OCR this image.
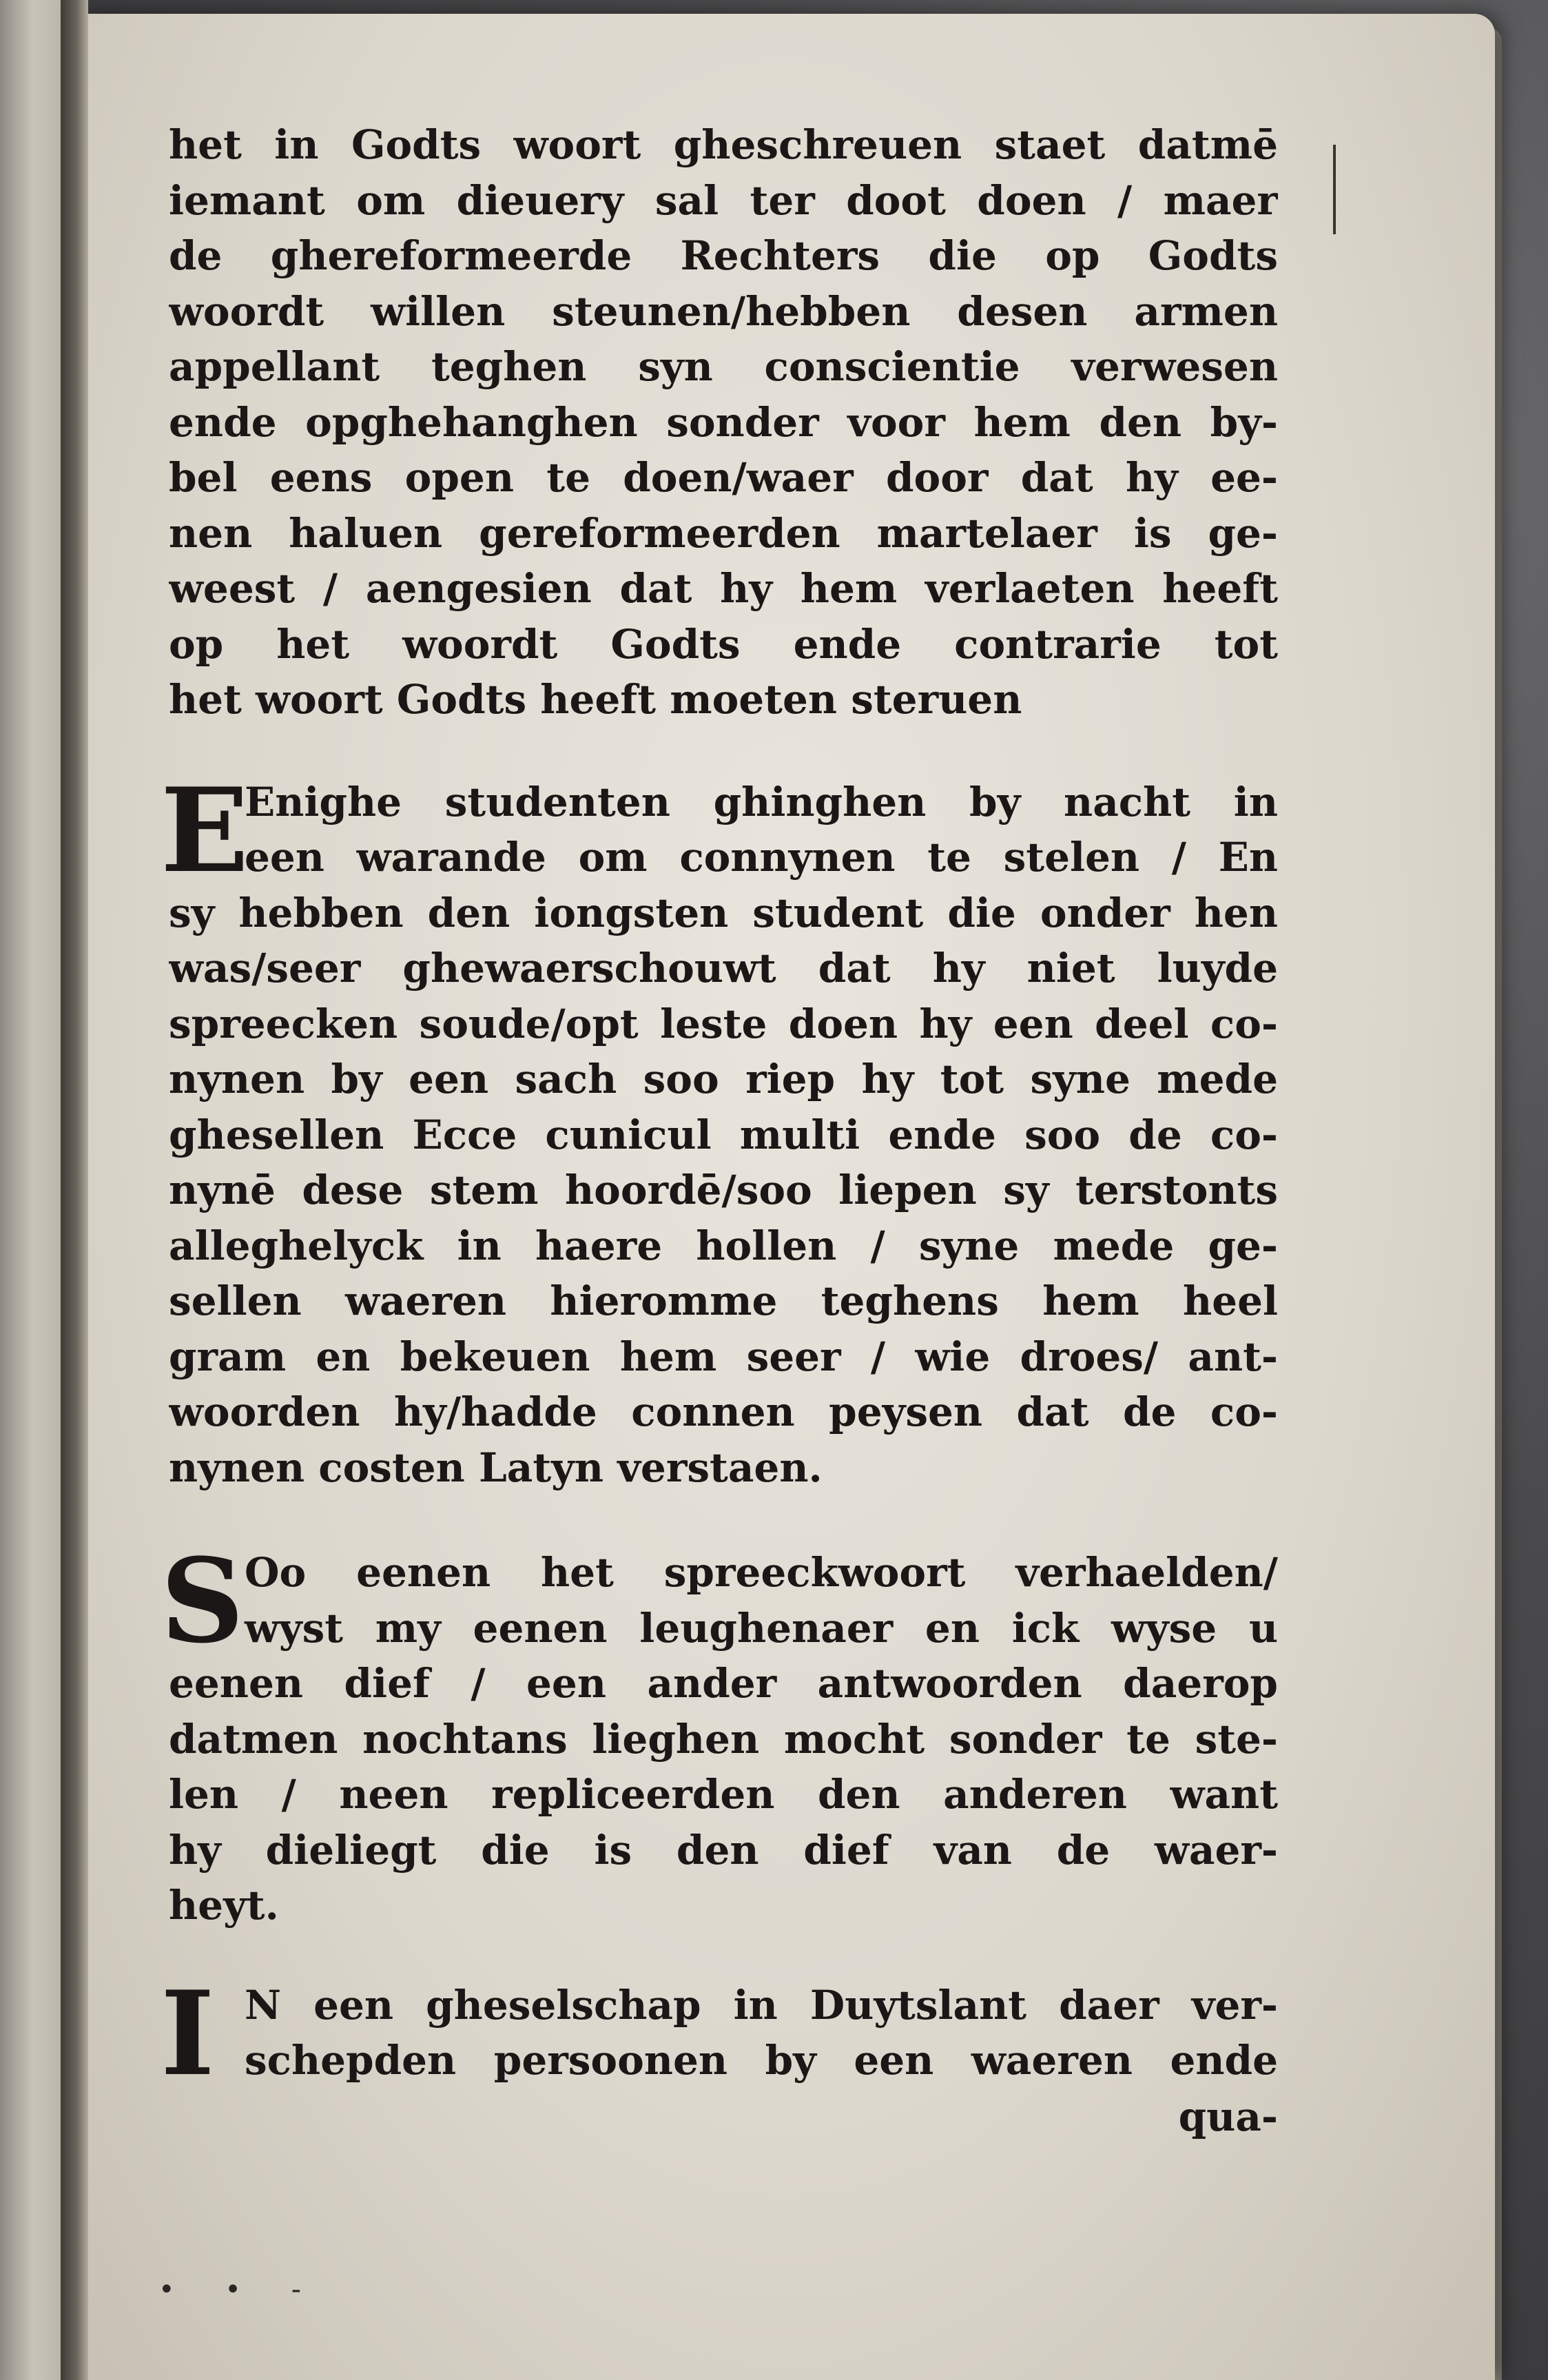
het in Godts woort gheschreuen staet datmē
iemant om dieuery sal ter doot doen / maer
de ghereformeerde Rechters die op Godts
woordt willen steunen/hebben desen armen
appellant teghen syn conscientie verwesen
ende opghehanghen sonder voor hem den by-
bel eens open te doen/waer door dat hy ee-
nen haluen gereformeerden martelaer is ge-
weest / aengesien dat hy hem verlaeten heeft
op het woordt Godts ende contrarie tot
het woort Godts heeft moeten steruen
E
Enighe studenten ghinghen by nacht in
een warande om connynen te stelen / En
sy hebben den iongsten student die onder hen
was/seer ghewaerschouwt dat hy niet luyde
spreecken soude/opt leste doen hy een deel co-
nynen by een sach soo riep hy tot syne mede
ghesellen Ecce cunicul multi ende soo de co-
nynē dese stem hoordē/soo liepen sy terstonts
alleghelyck in haere hollen / syne mede ge-
sellen waeren hieromme teghens hem heel
gram en bekeuen hem seer / wie droes/ ant-
woorden hy/hadde connen peysen dat de co-
nynen costen Latyn verstaen.
S Oo eenen het spreeckwoort verhaelden/
wyst my eenen leughenaer en ick wyse u
eenen dief / een ander antwoorden daerop
datmen nochtans lieghen mocht sonder te ste-
len / neen repliceerden den anderen want
hy dieliegt die is den dief van de waer-
heyt.
I N een gheselschap in Duytslant daer ver-
schepden persoonen by een waeren ende
qua-
• • -
